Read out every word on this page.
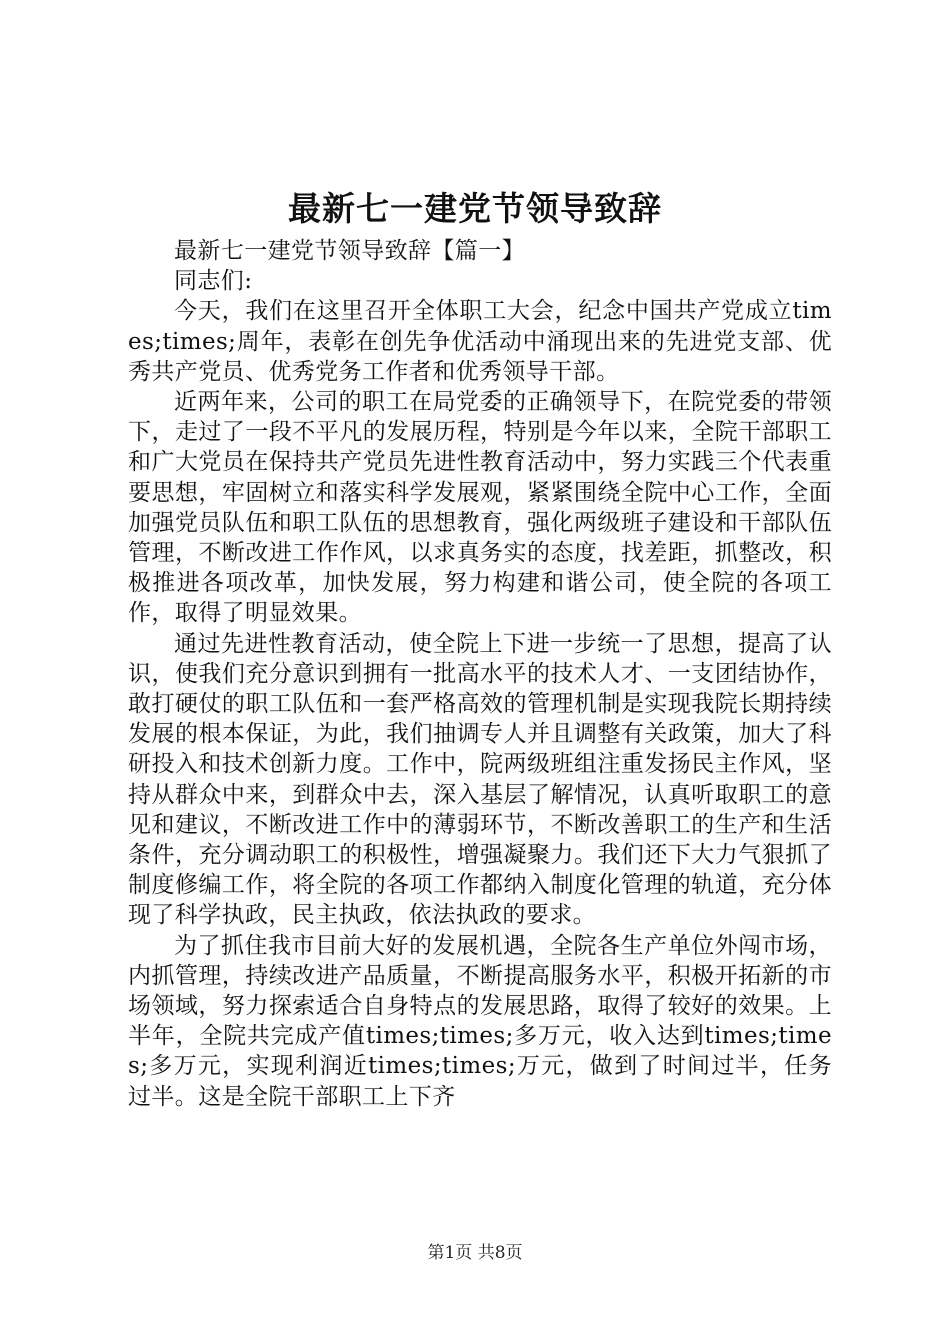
最新七一建党节领导致辞

最新七一建党节领导致辞【篇一】

同志们:

今天，我们在这里召开全体职工大会，纪念中国共产党成立times;times;周年，表彰在创先争优活动中涌现出来的先进党支部、优秀共产党员、优秀党务工作者和优秀领导干部。

近两年来，公司的职工在局党委的正确领导下，在院党委的带领下，走过了一段不平凡的发展历程，特别是今年以来，全院干部职工和广大党员在保持共产党员先进性教育活动中，努力实践三个代表重要思想，牢固树立和落实科学发展观，紧紧围绕全院中心工作，全面加强党员队伍和职工队伍的思想教育，强化两级班子建设和干部队伍管理，不断改进工作作风，以求真务实的态度，找差距，抓整改，积极推进各项改革，加快发展，努力构建和谐公司，使全院的各项工作，取得了明显效果。

通过先进性教育活动，使全院上下进一步统一了思想，提高了认识，使我们充分意识到拥有一批高水平的技术人才、一支团结协作，敢打硬仗的职工队伍和一套严格高效的管理机制是实现我院长期持续发展的根本保证，为此，我们抽调专人并且调整有关政策，加大了科研投入和技术创新力度。工作中，院两级班组注重发扬民主作风，坚持从群众中来，到群众中去，深入基层了解情况，认真听取职工的意见和建议，不断改进工作中的薄弱环节，不断改善职工的生产和生活条件，充分调动职工的积极性，增强凝聚力。我们还下大力气狠抓了制度修编工作，将全院的各项工作都纳入制度化管理的轨道，充分体现了科学执政，民主执政，依法执政的要求。

为了抓住我市目前大好的发展机遇，全院各生产单位外闯市场，内抓管理，持续改进产品质量，不断提高服务水平，积极开拓新的市场领域，努力探索适合自身特点的发展思路，取得了较好的效果。上半年，全院共完成产值times;times;多万元，收入达到times;times;多万元，实现利润近times;times;万元，做到了时间过半，任务过半。这是全院干部职工上下齐

第1页 共8页
